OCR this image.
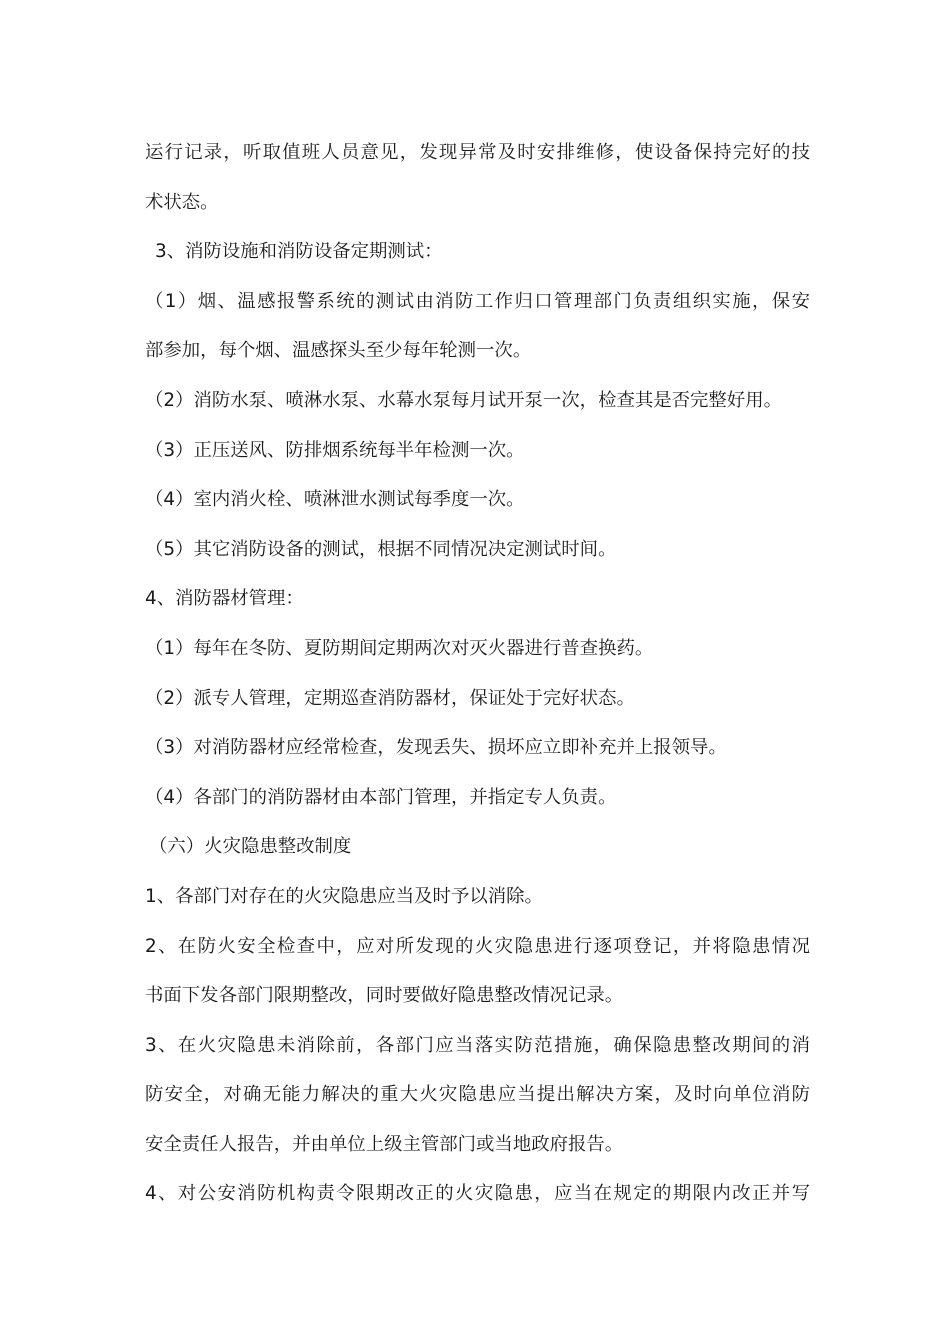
运行记录，听取值班人员意见，发现异常及时安排维修，使设备保持完好的技
术状态。
3、消防设施和消防设备定期测试：
（1）烟、温感报警系统的测试由消防工作归口管理部门负责组织实施，保安
部参加，每个烟、温感探头至少每年轮测一次。
（2）消防水泵、喷淋水泵、水幕水泵每月试开泵一次，检查其是否完整好用。
（3）正压送风、防排烟系统每半年检测一次。
（4）室内消火栓、喷淋泄水测试每季度一次。
（5）其它消防设备的测试，根据不同情况决定测试时间。
4、消防器材管理：
（1）每年在冬防、夏防期间定期两次对灭火器进行普查换药。
（2）派专人管理，定期巡查消防器材，保证处于完好状态。
（3）对消防器材应经常检查，发现丢失、损坏应立即补充并上报领导。
（4）各部门的消防器材由本部门管理，并指定专人负责。
（六）火灾隐患整改制度
1、各部门对存在的火灾隐患应当及时予以消除。
2、在防火安全检查中，应对所发现的火灾隐患进行逐项登记，并将隐患情况
书面下发各部门限期整改，同时要做好隐患整改情况记录。
3、在火灾隐患未消除前，各部门应当落实防范措施，确保隐患整改期间的消
防安全，对确无能力解决的重大火灾隐患应当提出解决方案，及时向单位消防
安全责任人报告，并由单位上级主管部门或当地政府报告。
4、对公安消防机构责令限期改正的火灾隐患，应当在规定的期限内改正并写
